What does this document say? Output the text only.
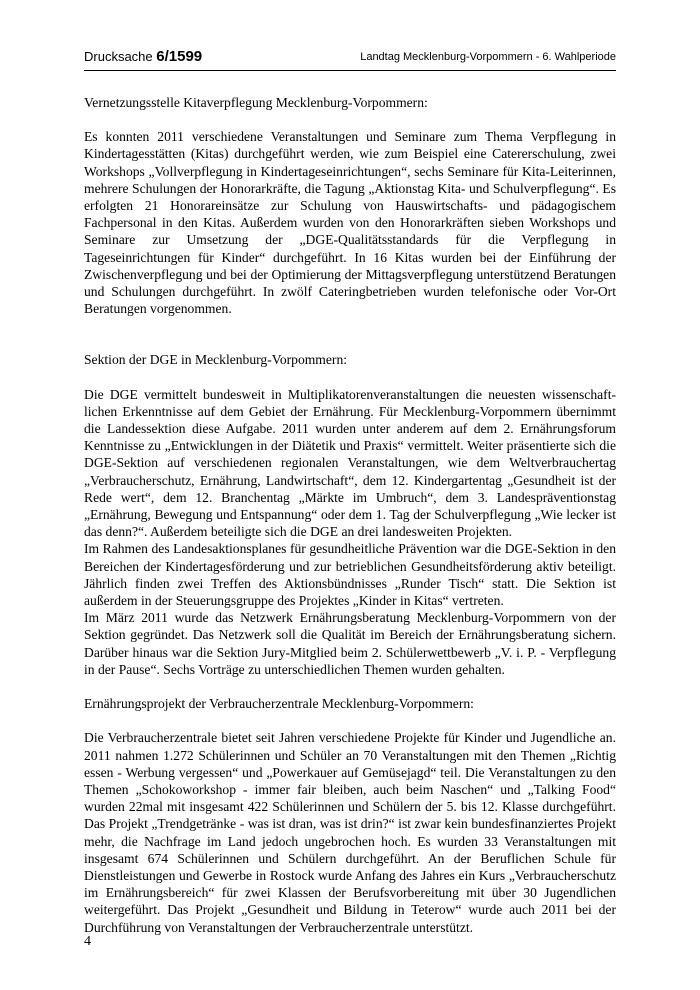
Drucksache 6/1599	Landtag Mecklenburg-Vorpommern - 6. Wahlperiode
Vernetzungsstelle Kitaverpflegung Mecklenburg-Vorpommern:

Es konnten 2011 verschiedene Veranstaltungen und Seminare zum Thema Verpflegung in Kindertagesstätten (Kitas) durchgeführt werden, wie zum Beispiel eine Catererschulung, zwei Workshops „Vollverpflegung in Kindertageseinrichtungen“, sechs Seminare für Kita-Leiterinnen, mehrere Schulungen der Honorarkräfte, die Tagung „Aktionstag Kita- und Schulverpflegung“. Es erfolgten 21 Honorareinsätze zur Schulung von Hauswirtschafts- und pädagogischem Fachpersonal in den Kitas. Außerdem wurden von den Honorarkräften sieben Workshops und Seminare zur Umsetzung der „DGE-Qualitätsstandards für die Verpflegung in Tageseinrichtungen für Kinder“ durchgeführt. In 16 Kitas wurden bei der Einführung der Zwischenverpflegung und bei der Optimierung der Mittagsverpflegung unterstützend Beratungen und Schulungen durchgeführt. In zwölf Cateringbetrieben wurden telefonische oder Vor-Ort Beratungen vorgenommen.

Sektion der DGE in Mecklenburg-Vorpommern:

Die DGE vermittelt bundesweit in Multiplikatorenveranstaltungen die neuesten wissenschaftlichen Erkenntnisse auf dem Gebiet der Ernährung. Für Mecklenburg-Vorpommern übernimmt die Landessektion diese Aufgabe. 2011 wurden unter anderem auf dem 2. Ernährungsforum Kenntnisse zu „Entwicklungen in der Diätetik und Praxis“ vermittelt. Weiter präsentierte sich die DGE-Sektion auf verschiedenen regionalen Veranstaltungen, wie dem Weltverbrauchertag „Verbraucherschutz, Ernährung, Landwirtschaft“, dem 12. Kindergartentag „Gesundheit ist der Rede wert“, dem 12. Branchentag „Märkte im Umbruch“, dem 3. Landespräventionstag „Ernährung, Bewegung und Entspannung“ oder dem 1. Tag der Schulverpflegung „Wie lecker ist das denn?“. Außerdem beteiligte sich die DGE an drei landesweiten Projekten.

Im Rahmen des Landesaktionsplanes für gesundheitliche Prävention war die DGE-Sektion in den Bereichen der Kindertagesförderung und zur betrieblichen Gesundheitsförderung aktiv beteiligt. Jährlich finden zwei Treffen des Aktionsbündnisses „Runder Tisch“ statt. Die Sektion ist außerdem in der Steuerungsgruppe des Projektes „Kinder in Kitas“ vertreten.

Im März 2011 wurde das Netzwerk Ernährungsberatung Mecklenburg-Vorpommern von der Sektion gegründet. Das Netzwerk soll die Qualität im Bereich der Ernährungsberatung sichern. Darüber hinaus war die Sektion Jury-Mitglied beim 2. Schülerwettbewerb „V. i. P. - Verpflegung in der Pause“. Sechs Vorträge zu unterschiedlichen Themen wurden gehalten.

Ernährungsprojekt der Verbraucherzentrale Mecklenburg-Vorpommern:

Die Verbraucherzentrale bietet seit Jahren verschiedene Projekte für Kinder und Jugendliche an. 2011 nahmen 1.272 Schülerinnen und Schüler an 70 Veranstaltungen mit den Themen „Richtig essen - Werbung vergessen“ und „Powerkauer auf Gemüsejagd“ teil. Die Veranstaltungen zu den Themen „Schokoworkshop - immer fair bleiben, auch beim Naschen“ und „Talking Food“ wurden 22mal mit insgesamt 422 Schülerinnen und Schülern der 5. bis 12. Klasse durchgeführt. Das Projekt „Trendgetränke - was ist dran, was ist drin?“ ist zwar kein bundesfinanziertes Projekt mehr, die Nachfrage im Land jedoch ungebrochen hoch. Es wurden 33 Veranstaltungen mit insgesamt 674 Schülerinnen und Schülern durchgeführt. An der Beruflichen Schule für Dienstleistungen und Gewerbe in Rostock wurde Anfang des Jahres ein Kurs „Verbraucherschutz im Ernährungsbereich“ für zwei Klassen der Berufsvorbereitung mit über 30 Jugendlichen weitergeführt. Das Projekt „Gesundheit und Bildung in Teterow“ wurde auch 2011 bei der Durchführung von Veranstaltungen der Verbraucherzentrale unterstützt.

4
